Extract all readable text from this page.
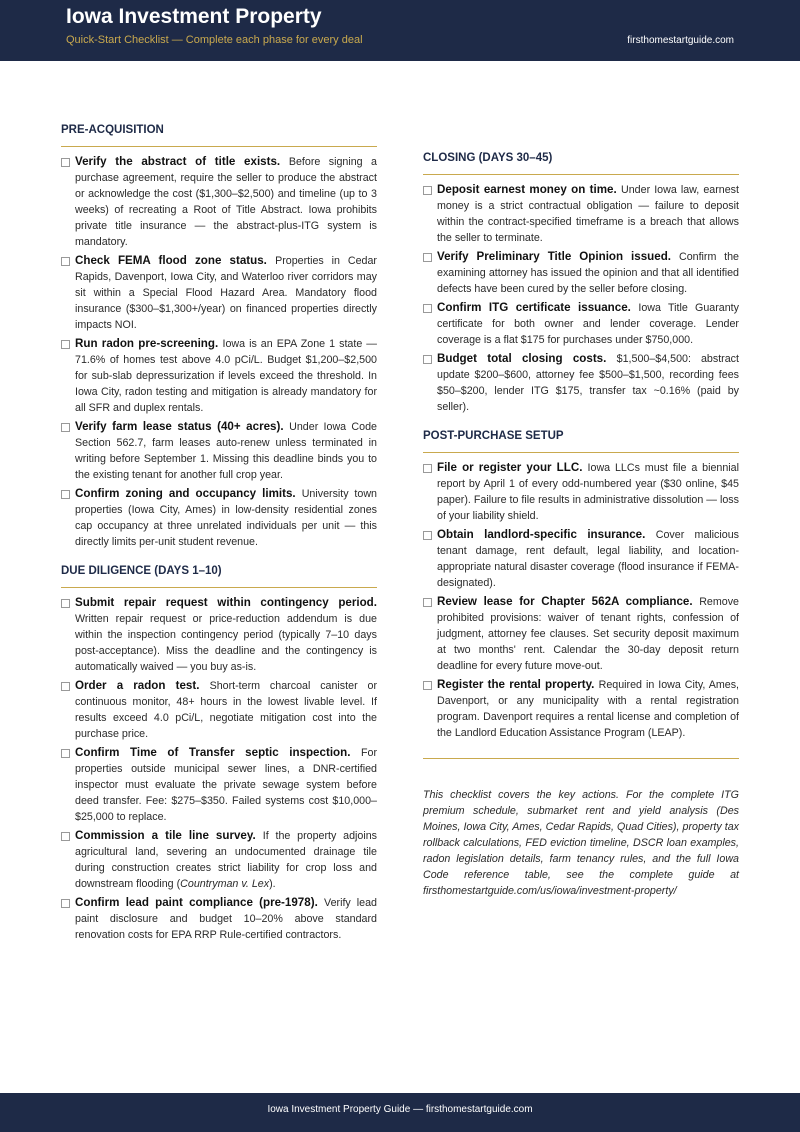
Iowa Investment Property
Quick-Start Checklist — Complete each phase for every deal	firsthomestartguide.com
PRE-ACQUISITION
Verify the abstract of title exists. Before signing a purchase agreement, require the seller to produce the abstract or acknowledge the cost ($1,300–$2,500) and timeline (up to 3 weeks) of recreating a Root of Title Abstract. Iowa prohibits private title insurance — the abstract-plus-ITG system is mandatory.
Check FEMA flood zone status. Properties in Cedar Rapids, Davenport, Iowa City, and Waterloo river corridors may sit within a Special Flood Hazard Area. Mandatory flood insurance ($300–$1,300+/year) on financed properties directly impacts NOI.
Run radon pre-screening. Iowa is an EPA Zone 1 state — 71.6% of homes test above 4.0 pCi/L. Budget $1,200–$2,500 for sub-slab depressurization if levels exceed the threshold. In Iowa City, radon testing and mitigation is already mandatory for all SFR and duplex rentals.
Verify farm lease status (40+ acres). Under Iowa Code Section 562.7, farm leases auto-renew unless terminated in writing before September 1. Missing this deadline binds you to the existing tenant for another full crop year.
Confirm zoning and occupancy limits. University town properties (Iowa City, Ames) in low-density residential zones cap occupancy at three unrelated individuals per unit — this directly limits per-unit student revenue.
DUE DILIGENCE (DAYS 1–10)
Submit repair request within contingency period. Written repair request or price-reduction addendum is due within the inspection contingency period (typically 7–10 days post-acceptance). Miss the deadline and the contingency is automatically waived — you buy as-is.
Order a radon test. Short-term charcoal canister or continuous monitor, 48+ hours in the lowest livable level. If results exceed 4.0 pCi/L, negotiate mitigation cost into the purchase price.
Confirm Time of Transfer septic inspection. For properties outside municipal sewer lines, a DNR-certified inspector must evaluate the private sewage system before deed transfer. Fee: $275–$350. Failed systems cost $10,000–$25,000 to replace.
Commission a tile line survey. If the property adjoins agricultural land, severing an undocumented drainage tile during construction creates strict liability for crop loss and downstream flooding (Countryman v. Lex).
Confirm lead paint compliance (pre-1978). Verify lead paint disclosure and budget 10–20% above standard renovation costs for EPA RRP Rule-certified contractors.
CLOSING (DAYS 30–45)
Deposit earnest money on time. Under Iowa law, earnest money is a strict contractual obligation — failure to deposit within the contract-specified timeframe is a breach that allows the seller to terminate.
Verify Preliminary Title Opinion issued. Confirm the examining attorney has issued the opinion and that all identified defects have been cured by the seller before closing.
Confirm ITG certificate issuance. Iowa Title Guaranty certificate for both owner and lender coverage. Lender coverage is a flat $175 for purchases under $750,000.
Budget total closing costs. $1,500–$4,500: abstract update $200–$600, attorney fee $500–$1,500, recording fees $50–$200, lender ITG $175, transfer tax ~0.16% (paid by seller).
POST-PURCHASE SETUP
File or register your LLC. Iowa LLCs must file a biennial report by April 1 of every odd-numbered year ($30 online, $45 paper). Failure to file results in administrative dissolution — loss of your liability shield.
Obtain landlord-specific insurance. Cover malicious tenant damage, rent default, legal liability, and location-appropriate natural disaster coverage (flood insurance if FEMA-designated).
Review lease for Chapter 562A compliance. Remove prohibited provisions: waiver of tenant rights, confession of judgment, attorney fee clauses. Set security deposit maximum at two months' rent. Calendar the 30-day deposit return deadline for every future move-out.
Register the rental property. Required in Iowa City, Ames, Davenport, or any municipality with a rental registration program. Davenport requires a rental license and completion of the Landlord Education Assistance Program (LEAP).
This checklist covers the key actions. For the complete ITG premium schedule, submarket rent and yield analysis (Des Moines, Iowa City, Ames, Cedar Rapids, Quad Cities), property tax rollback calculations, FED eviction timeline, DSCR loan examples, radon legislation details, farm tenancy rules, and the full Iowa Code reference table, see the complete guide at firsthomestartguide.com/us/iowa/investment-property/
Iowa Investment Property Guide — firsthomestartguide.com
